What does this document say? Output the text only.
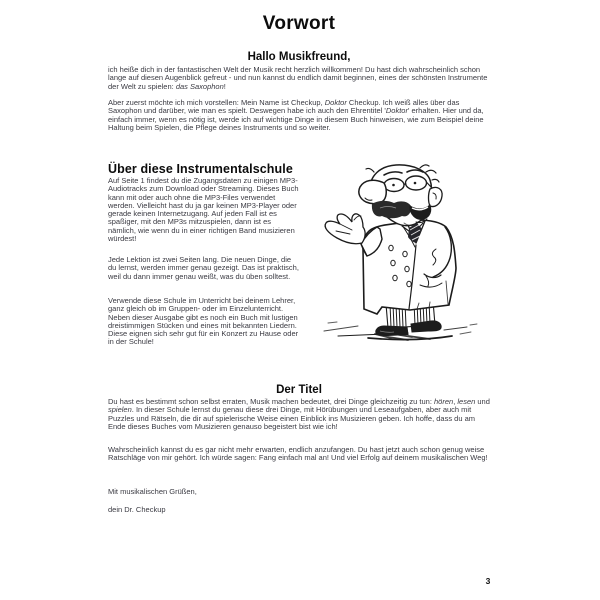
Vorwort
Hallo Musikfreund,

ich heiße dich in der fantastischen Welt der Musik recht herzlich willkommen! Du hast dich wahrscheinlich schon lange auf diesen Augenblick gefreut - und nun kannst du endlich damit beginnen, eines der schönsten Instrumente der Welt zu spielen: das Saxophon!

Aber zuerst möchte ich mich vorstellen: Mein Name ist Checkup, Doktor Checkup. Ich weiß alles über das Saxophon und darüber, wie man es spielt. Deswegen habe ich auch den Ehrentitel 'Doktor' erhalten. Hier und da, einfach immer, wenn es nötig ist, werde ich auf wichtige Dinge in diesem Buch hinweisen, wie zum Beispiel deine Haltung beim Spielen, die Pflege deines Instruments und so weiter.

Über diese Instrumentalschule

Auf Seite 1 findest du die Zugangsdaten zu einigen MP3-Audiotracks zum Download oder Streaming. Dieses Buch kann mit oder auch ohne die MP3-Files verwendet werden. Vielleicht hast du ja gar keinen MP3-Player oder gerade keinen Internetzugang. Auf jeden Fall ist es spaßiger, mit den MP3s mitzuspielen, dann ist es nämlich, wie wenn du in einer richtigen Band musizieren würdest!

Jede Lektion ist zwei Seiten lang. Die neuen Dinge, die du lernst, werden immer genau gezeigt. Das ist praktisch, weil du dann immer genau weißt, was du üben solltest.

Verwende diese Schule im Unterricht bei deinem Lehrer, ganz gleich ob im Gruppen- oder im Einzelunterricht. Neben dieser Ausgabe gibt es noch ein Buch mit lustigen dreistimmigen Stücken und eines mit bekannten Liedern. Diese eignen sich sehr gut für ein Konzert zu Hause oder in der Schule!

Der Titel

Du hast es bestimmt schon selbst erraten, Musik machen bedeutet, drei Dinge gleichzeitig zu tun: hören, lesen und spielen. In dieser Schule lernst du genau diese drei Dinge, mit Hörübungen und Leseaufgaben, aber auch mit Puzzles und Rätseln, die dir auf spielerische Weise einen Einblick ins Musizieren geben. Ich hoffe, dass du am Ende dieses Buches vom Musizieren genauso begeistert bist wie ich!

Wahrscheinlich kannst du es gar nicht mehr erwarten, endlich anzufangen. Du hast jetzt auch schon genug weise Ratschläge von mir gehört. Ich würde sagen: Fang einfach mal an! Und viel Erfolg auf deinem musikalischen Weg!

Mit musikalischen Grüßen,

dein Dr. Checkup

3
